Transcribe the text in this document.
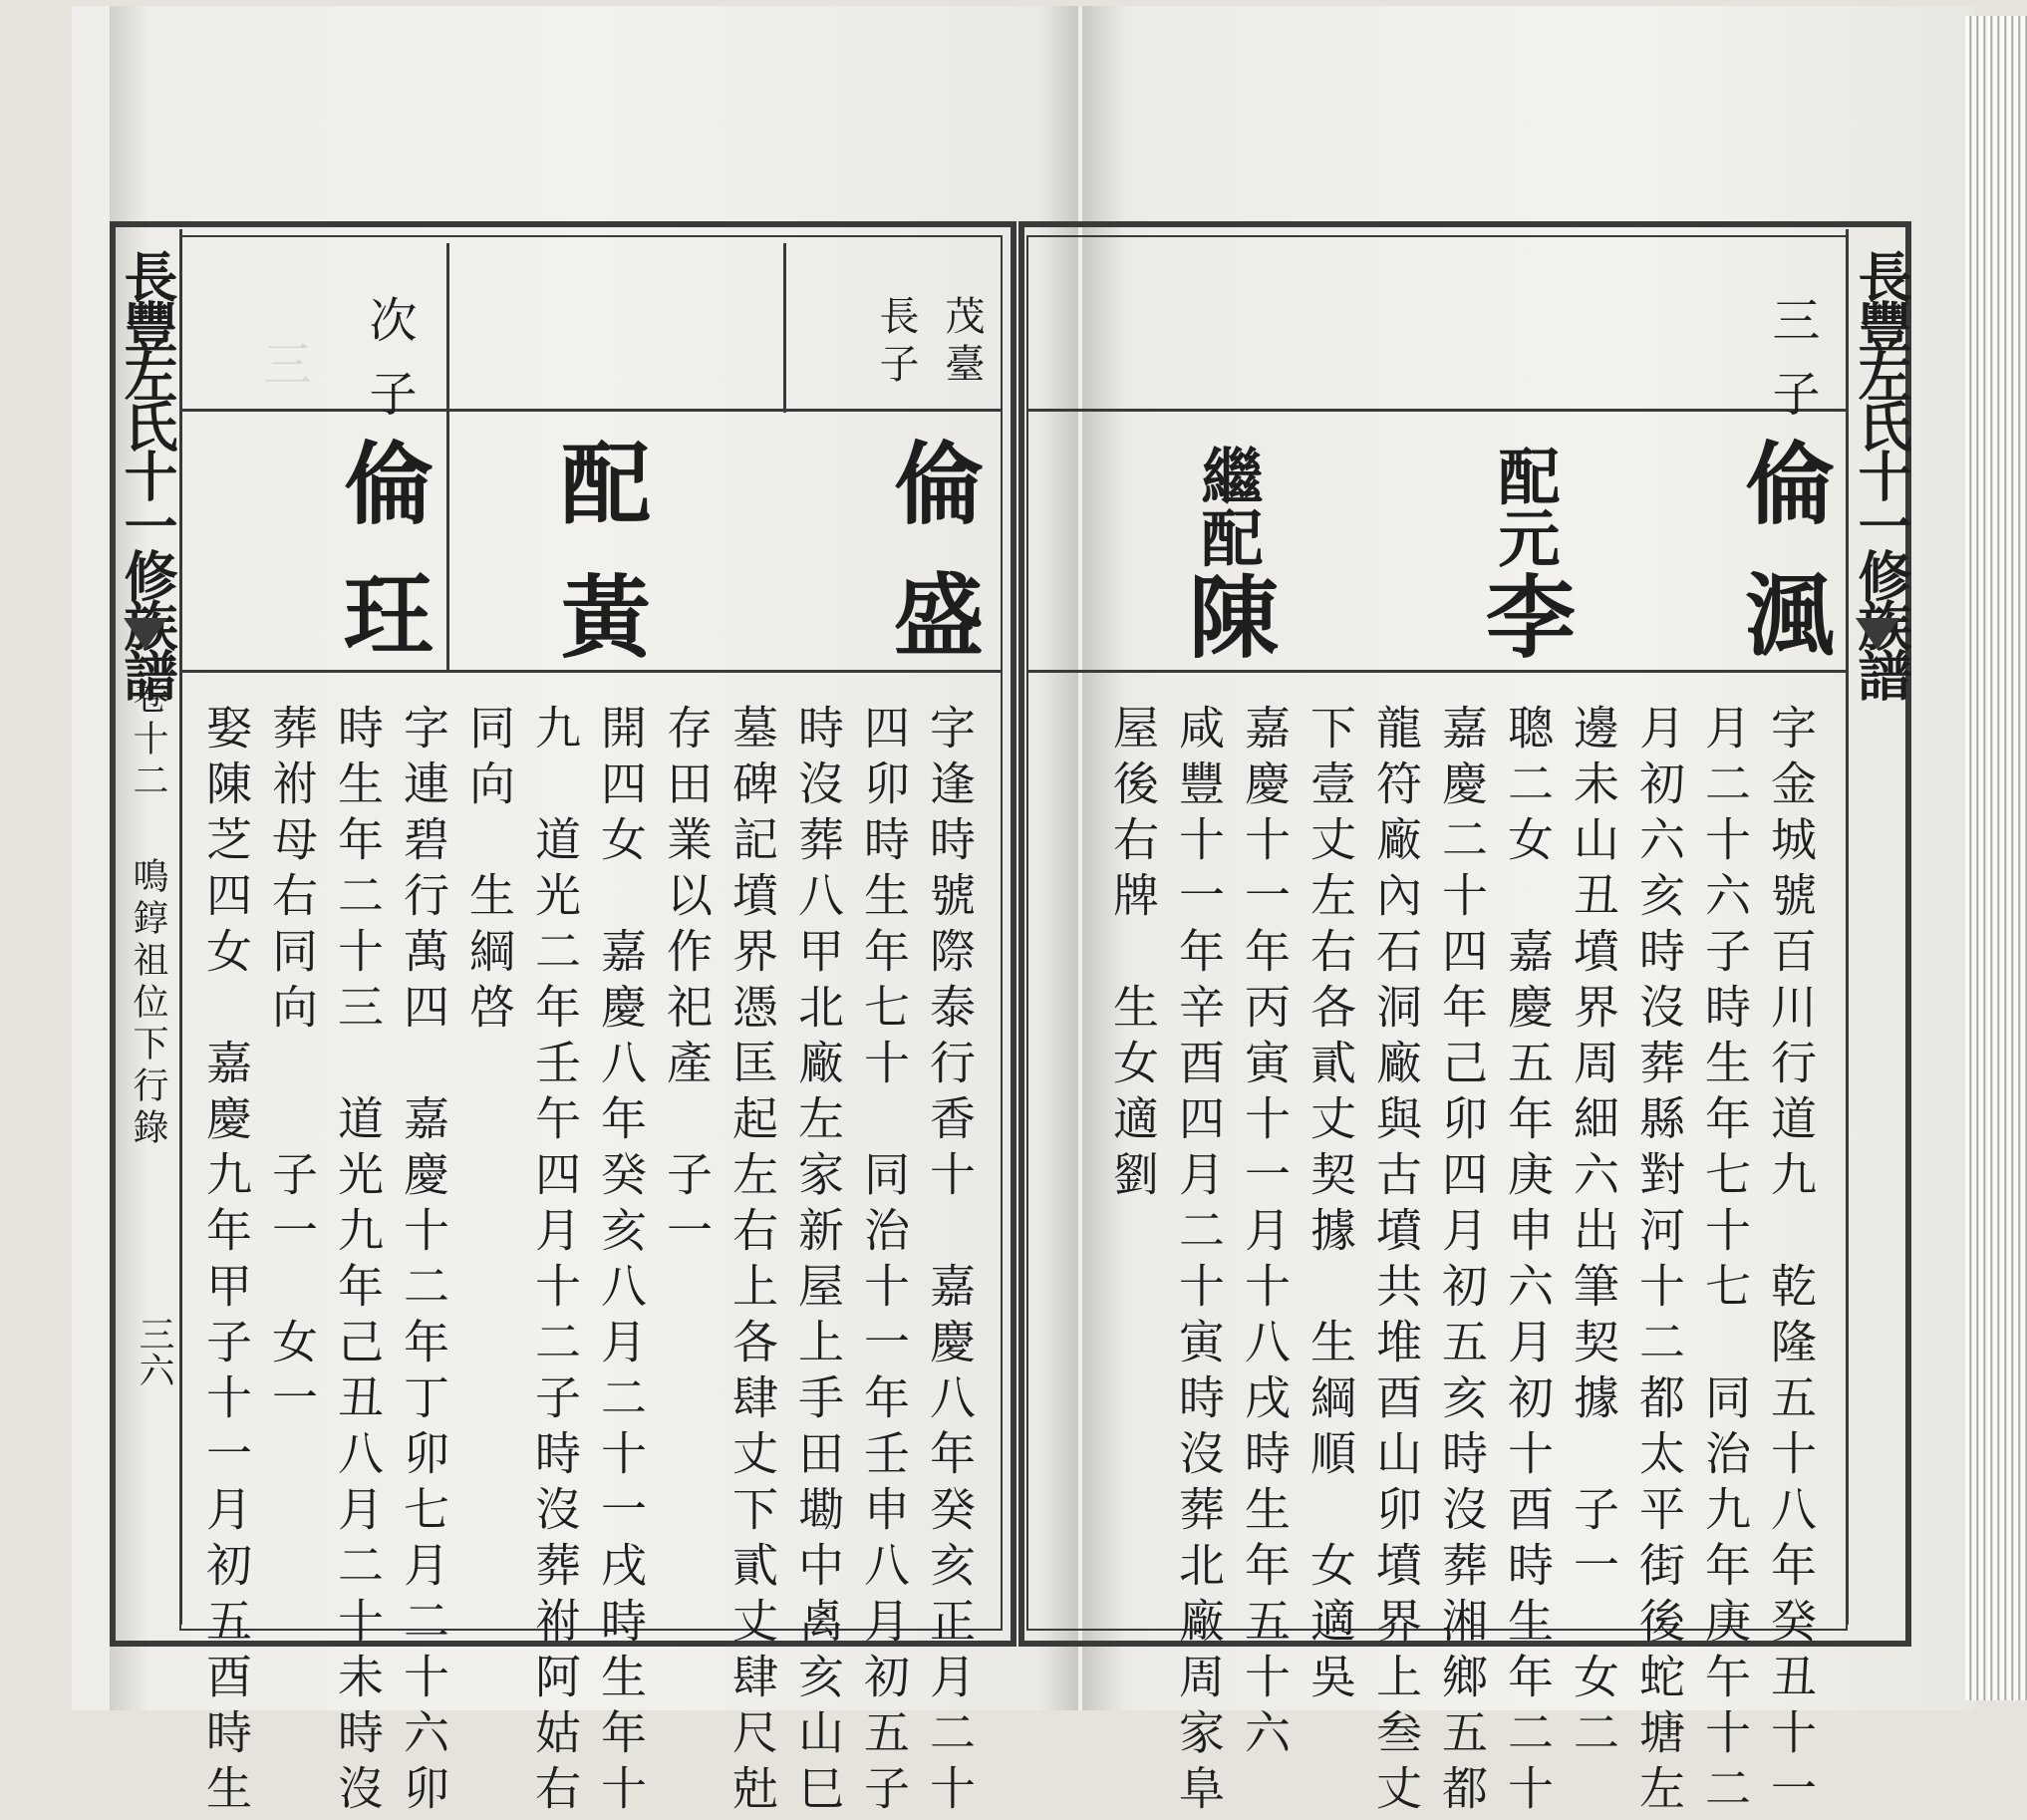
長豐左氏十一修族譜
卷十二
鳴錞祖位下行錄
三六
茂臺
長子
次子
三
倫盛
配
黃
倫玨
字逢時號際泰行香十　嘉慶八年癸亥正月二十
四卯時生年七十　同治十一年壬申八月初五子
時沒葬八甲北廠左家新屋上手田墈中禼亥山巳
墓碑記墳界憑匡起左右上各肆丈下貳丈肆尺兙
存田業以作祀產　子一
開四女　嘉慶八年癸亥八月二十一戌時生年十
九　道光二年壬午四月十二子時沒葬祔阿姑右
同向　生綱啓
字連碧行萬四　嘉慶十二年丁卯七月二十六卯
時生年二十三　道光九年己丑八月二十未時沒
葬祔母右同向　　子一　女一
娶陳芝四女　嘉慶九年甲子十一月初五酉時生
長豐左氏十一修族譜
三子
倫渢
配元
李
繼配
陳
字金城號百川行道九　乾隆五十八年癸丑十一
月二十六子時生年七十七　同治九年庚午十二
月初六亥時沒葬縣對河十二都太平街後蛇塘左
邊未山丑墳界周細六出筆契據　子一　女二
聰二女　嘉慶五年庚申六月初十酉時生年二十
嘉慶二十四年己卯四月初五亥時沒葬湘鄉五都
龍符廠內石洞廠與古墳共堆酉山卯墳界上叁丈
下壹丈左右各貳丈契據　生綱順　女適吳
嘉慶十一年丙寅十一月十八戌時生年五十六
咸豐十一年辛酉四月二十寅時沒葬北廠周家阜
屋後右牌　生女適劉
